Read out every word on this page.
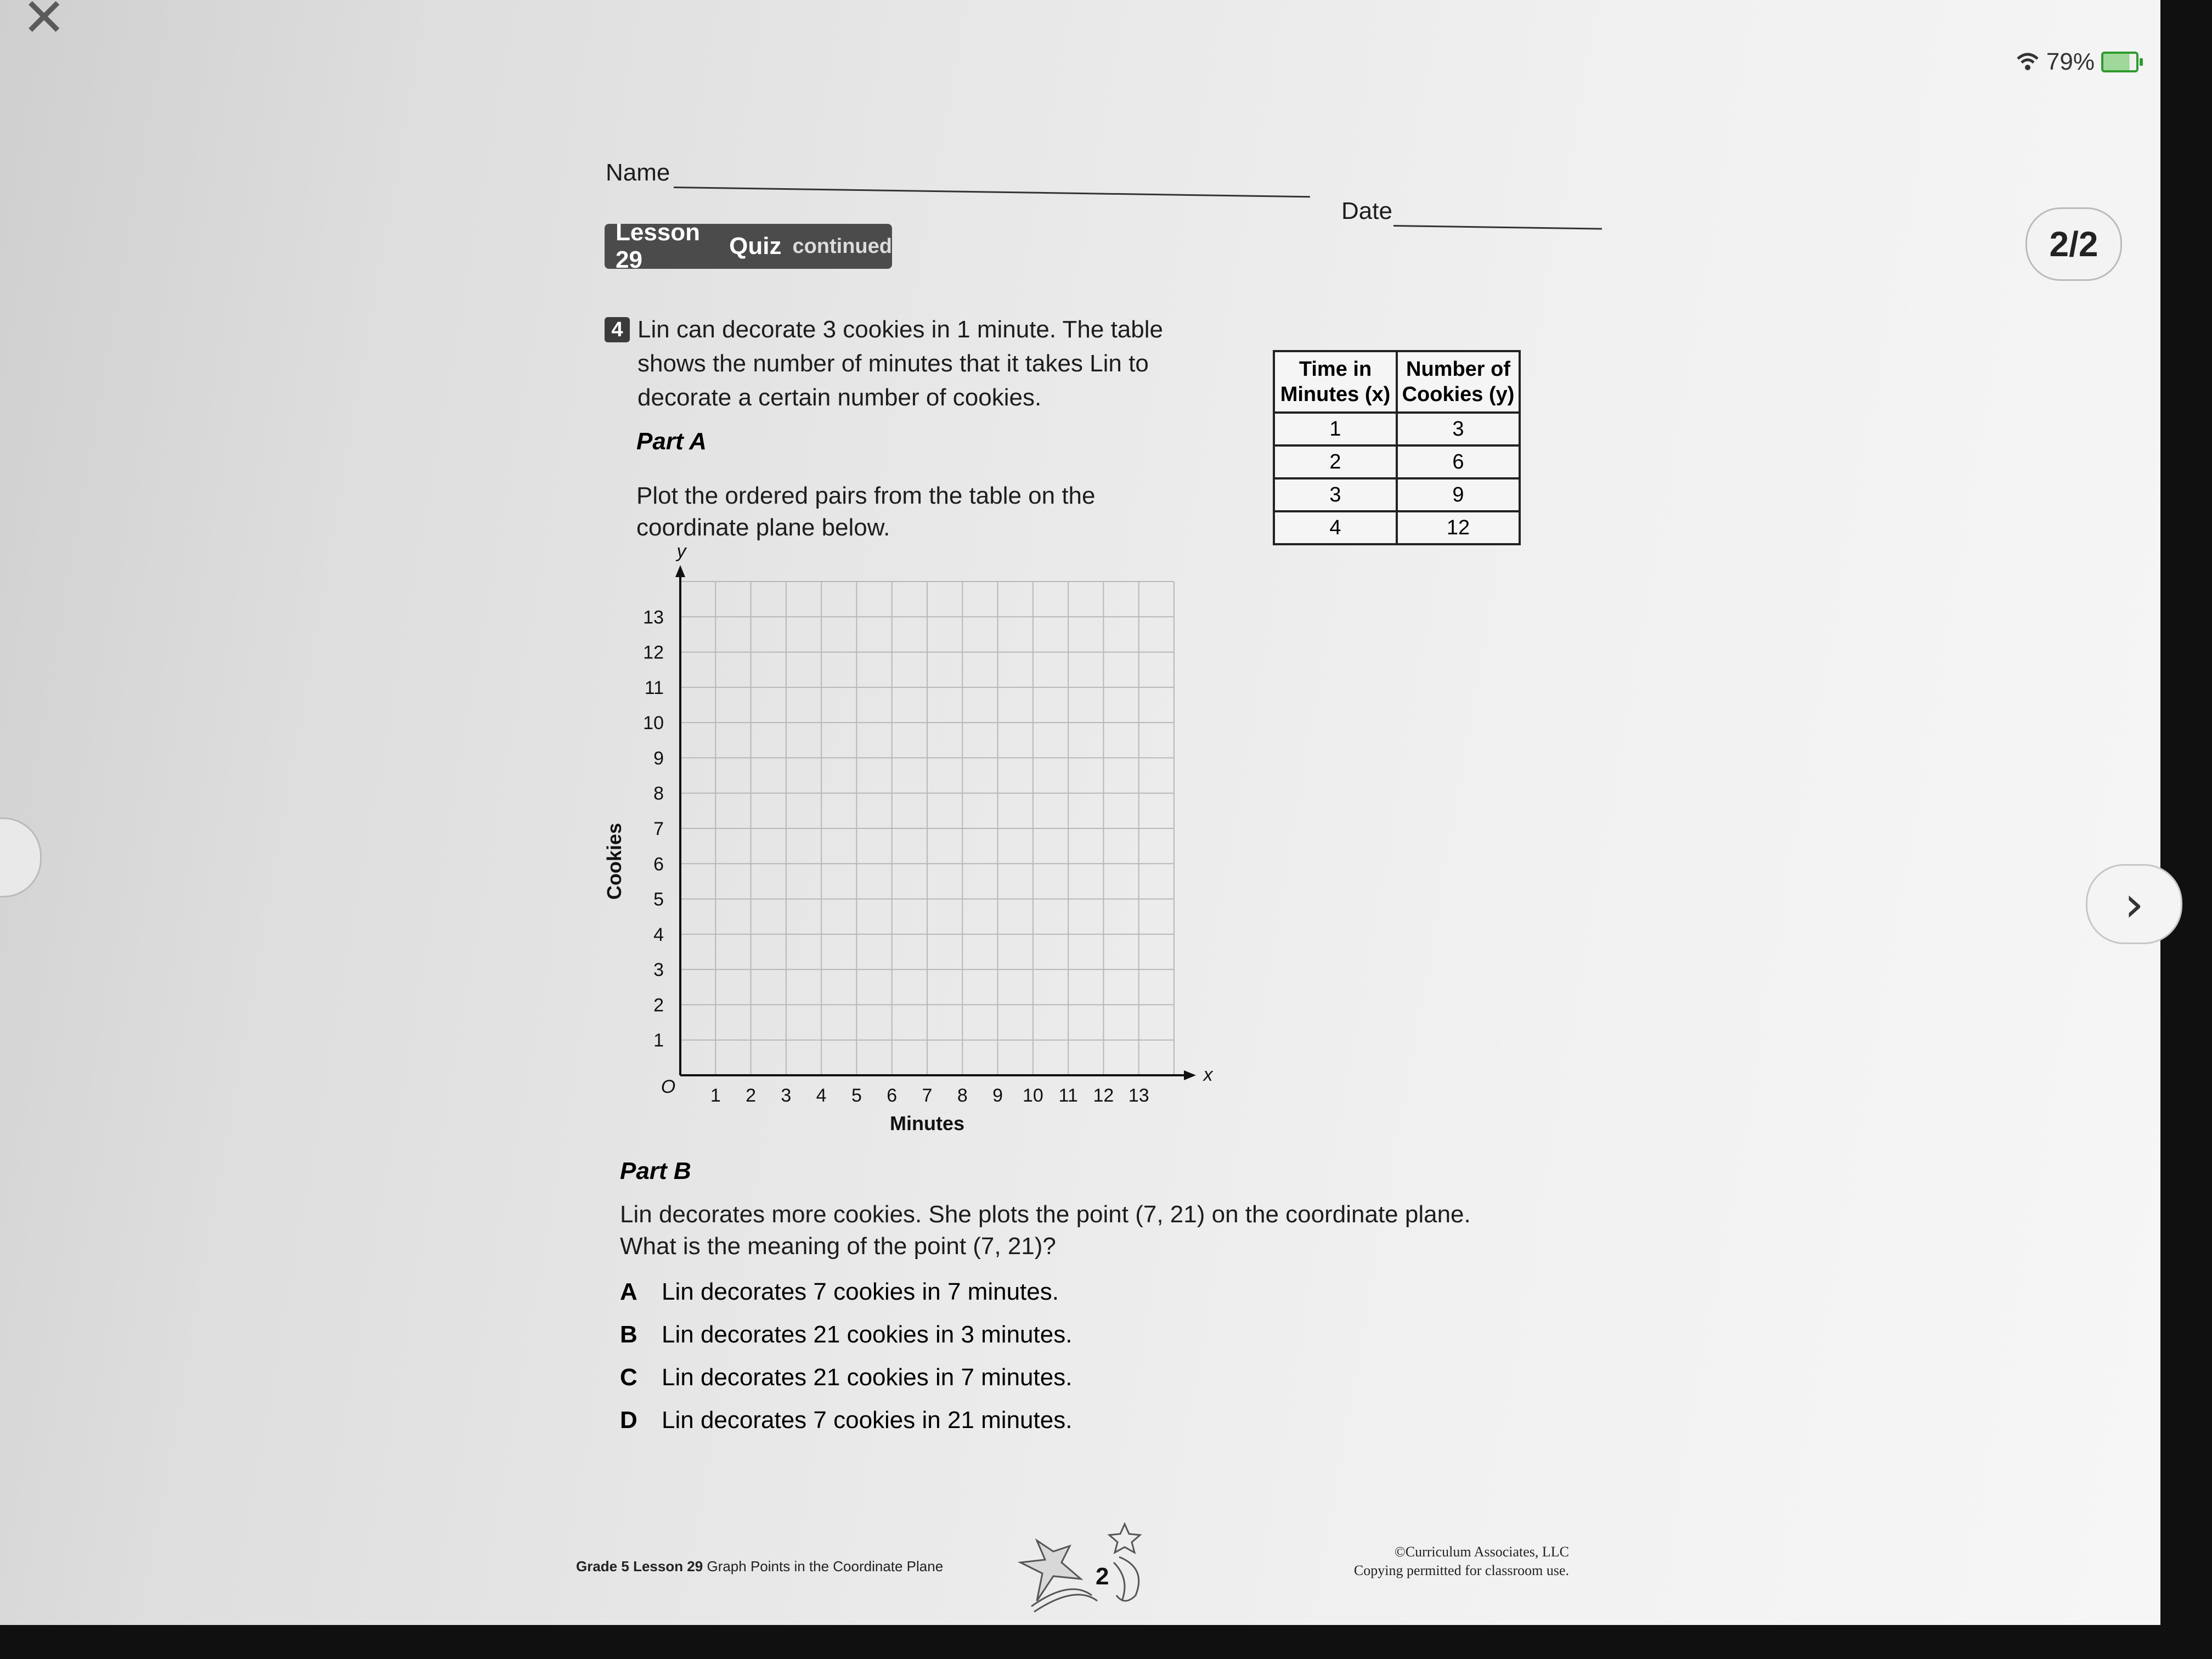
✕
79%
2/2
›
Name
Date
Lesson 29
Quiz continued
4 Lin can decorate 3 cookies in 1 minute. The table shows the number of minutes that it takes Lin to decorate a certain number of cookies.
Time in Minutes (x)	Number of Cookies (y)
1	3
2	6
3	9
4	12
Part A
Plot the ordered pairs from the table on the coordinate plane below.
1 2 3 4 5 6 7 8 9 10 11 12 13
1
2
3
4
5
6
7
8
9
10
11
12
13
O
x
y
Minutes
Cookies
Part B
Lin decorates more cookies. She plots the point (7, 21) on the coordinate plane.
What is the meaning of the point (7, 21)?
A Lin decorates 7 cookies in 7 minutes.
B Lin decorates 21 cookies in 3 minutes.
C Lin decorates 21 cookies in 7 minutes.
D Lin decorates 7 cookies in 21 minutes.
Grade 5 Lesson 29 Graph Points in the Coordinate Plane	2
©Curriculum Associates, LLC
Copying permitted for classroom use.
